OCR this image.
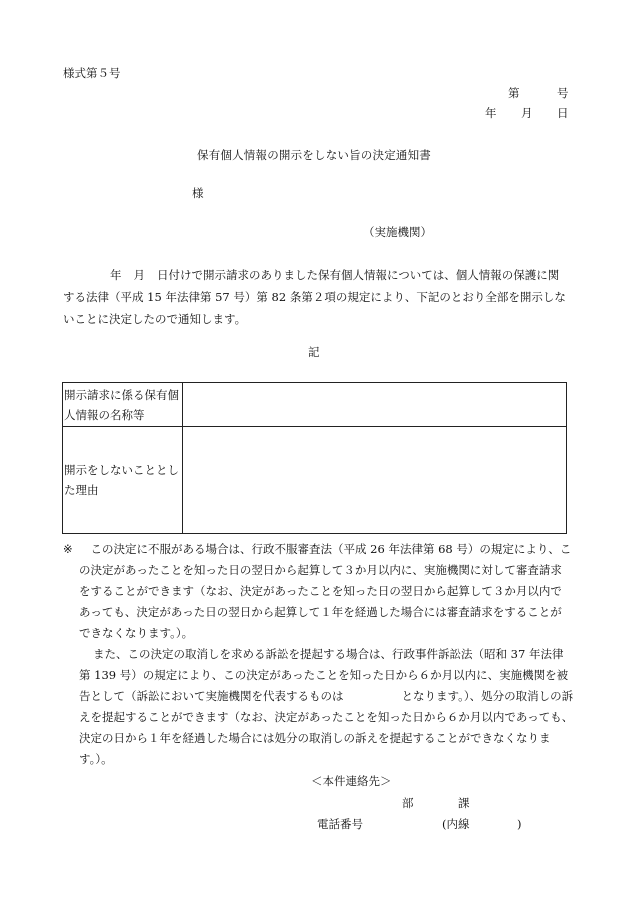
様式第５号
第	号
年 月 日
保有個人情報の開示をしない旨の決定通知書
様
（実施機関）
年 月 日付けで開示請求のありました保有個人情報については、個人情報の保護に関
する法律（平成 15 年法律第 57 号）第 82 条第２項の規定により、下記のとおり全部を開示しな
いことに決定したので通知します。
記
開示請求に係る保有個
人情報の名称等	
開示をしないこととし
た理由	
※　 この決定に不服がある場合は、行政不服審査法（平成 26 年法律第 68 号）の規定により、こ
の決定があったことを知った日の翌日から起算して３か月以内に、実施機関に対して審査請求
をすることができます（なお、決定があったことを知った日の翌日から起算して３か月以内で
あっても、決定があった日の翌日から起算して１年を経過した場合には審査請求をすることが
できなくなります。）。
また、この決定の取消しを求める訴訟を提起する場合は、行政事件訴訟法（昭和 37 年法律
第 139 号）の規定により、この決定があったことを知った日から６か月以内に、実施機関を被
告として（訴訟において実施機関を代表するものは	となります。）、処分の取消しの訴
えを提起することができます（なお、決定があったことを知った日から６か月以内であっても、
決定の日から１年を経過した場合には処分の取消しの訴えを提起することができなくなりま
す。）。
＜本件連絡先＞
部	課
電話番号	(内線	)
